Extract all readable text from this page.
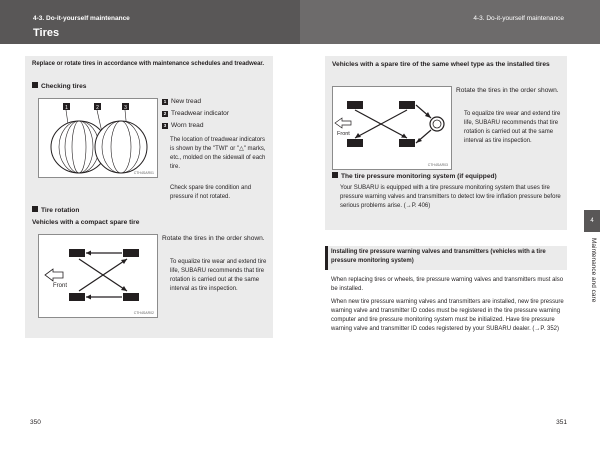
4-3. Do-it-yourself maintenance
Tires
4-3. Do-it-yourself maintenance
Replace or rotate tires in accordance with maintenance schedules and treadwear.
Checking tires
1	2	3
CTH4SAR01
1 New tread
2 Treadwear indicator
3 Worn tread
The location of treadwear indicators is shown by the "TWI" or "△" marks, etc., molded on the sidewall of each tire.
Check spare tire condition and pressure if not rotated.
Tire rotation
Vehicles with a compact spare tire
Front
CTH4SAR02
Rotate the tires in the order shown.
To equalize tire wear and extend tire life, SUBARU recommends that tire rotation is carried out at the same interval as tire inspection.
Vehicles with a spare tire of the same wheel type as the installed tires
Front
CTH4SAR03
Rotate the tires in the order shown.
To equalize tire wear and extend tire life, SUBARU recommends that tire rotation is carried out at the same interval as tire inspection.
The tire pressure monitoring system (if equipped)
Your SUBARU is equipped with a tire pressure monitoring system that uses tire pressure warning valves and transmitters to detect low tire inflation pressure before serious problems arise. (→P. 406)
Installing tire pressure warning valves and transmitters (vehicles with a tire pressure monitoring system)
When replacing tires or wheels, tire pressure warning valves and transmitters must also be installed.
When new tire pressure warning valves and transmitters are installed, new tire pressure warning valve and transmitter ID codes must be registered in the tire pressure warning computer and tire pressure monitoring system must be initialized. Have tire pressure warning valve and transmitter ID codes registered by your SUBARU dealer. (→P. 352)
4
Maintenance and care
350	351
